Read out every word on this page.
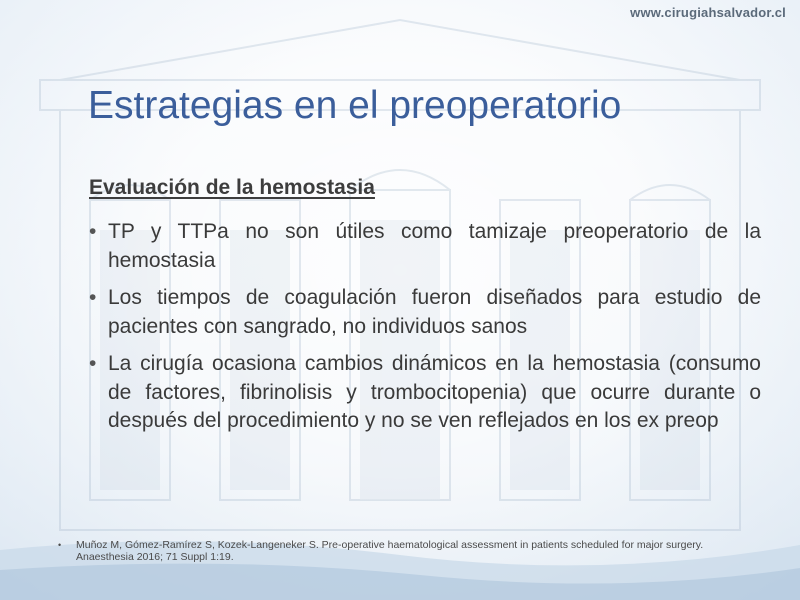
www.cirugiahsalvador.cl
Estrategias en el preoperatorio
Evaluación de la hemostasia
• TP y TTPa no son útiles como tamizaje preoperatorio de la hemostasia
• Los tiempos de coagulación fueron diseñados para estudio de pacientes con sangrado, no individuos sanos
• La cirugía ocasiona cambios dinámicos en la hemostasia (consumo de factores, fibrinolisis y trombocitopenia) que ocurre durante o después del procedimiento y no se ven reflejados en los ex preop
•	Muñoz M, Gómez-Ramírez S, Kozek-Langeneker S. Pre-operative haematological assessment in patients scheduled for major surgery.
Anaesthesia 2016; 71 Suppl 1:19.
